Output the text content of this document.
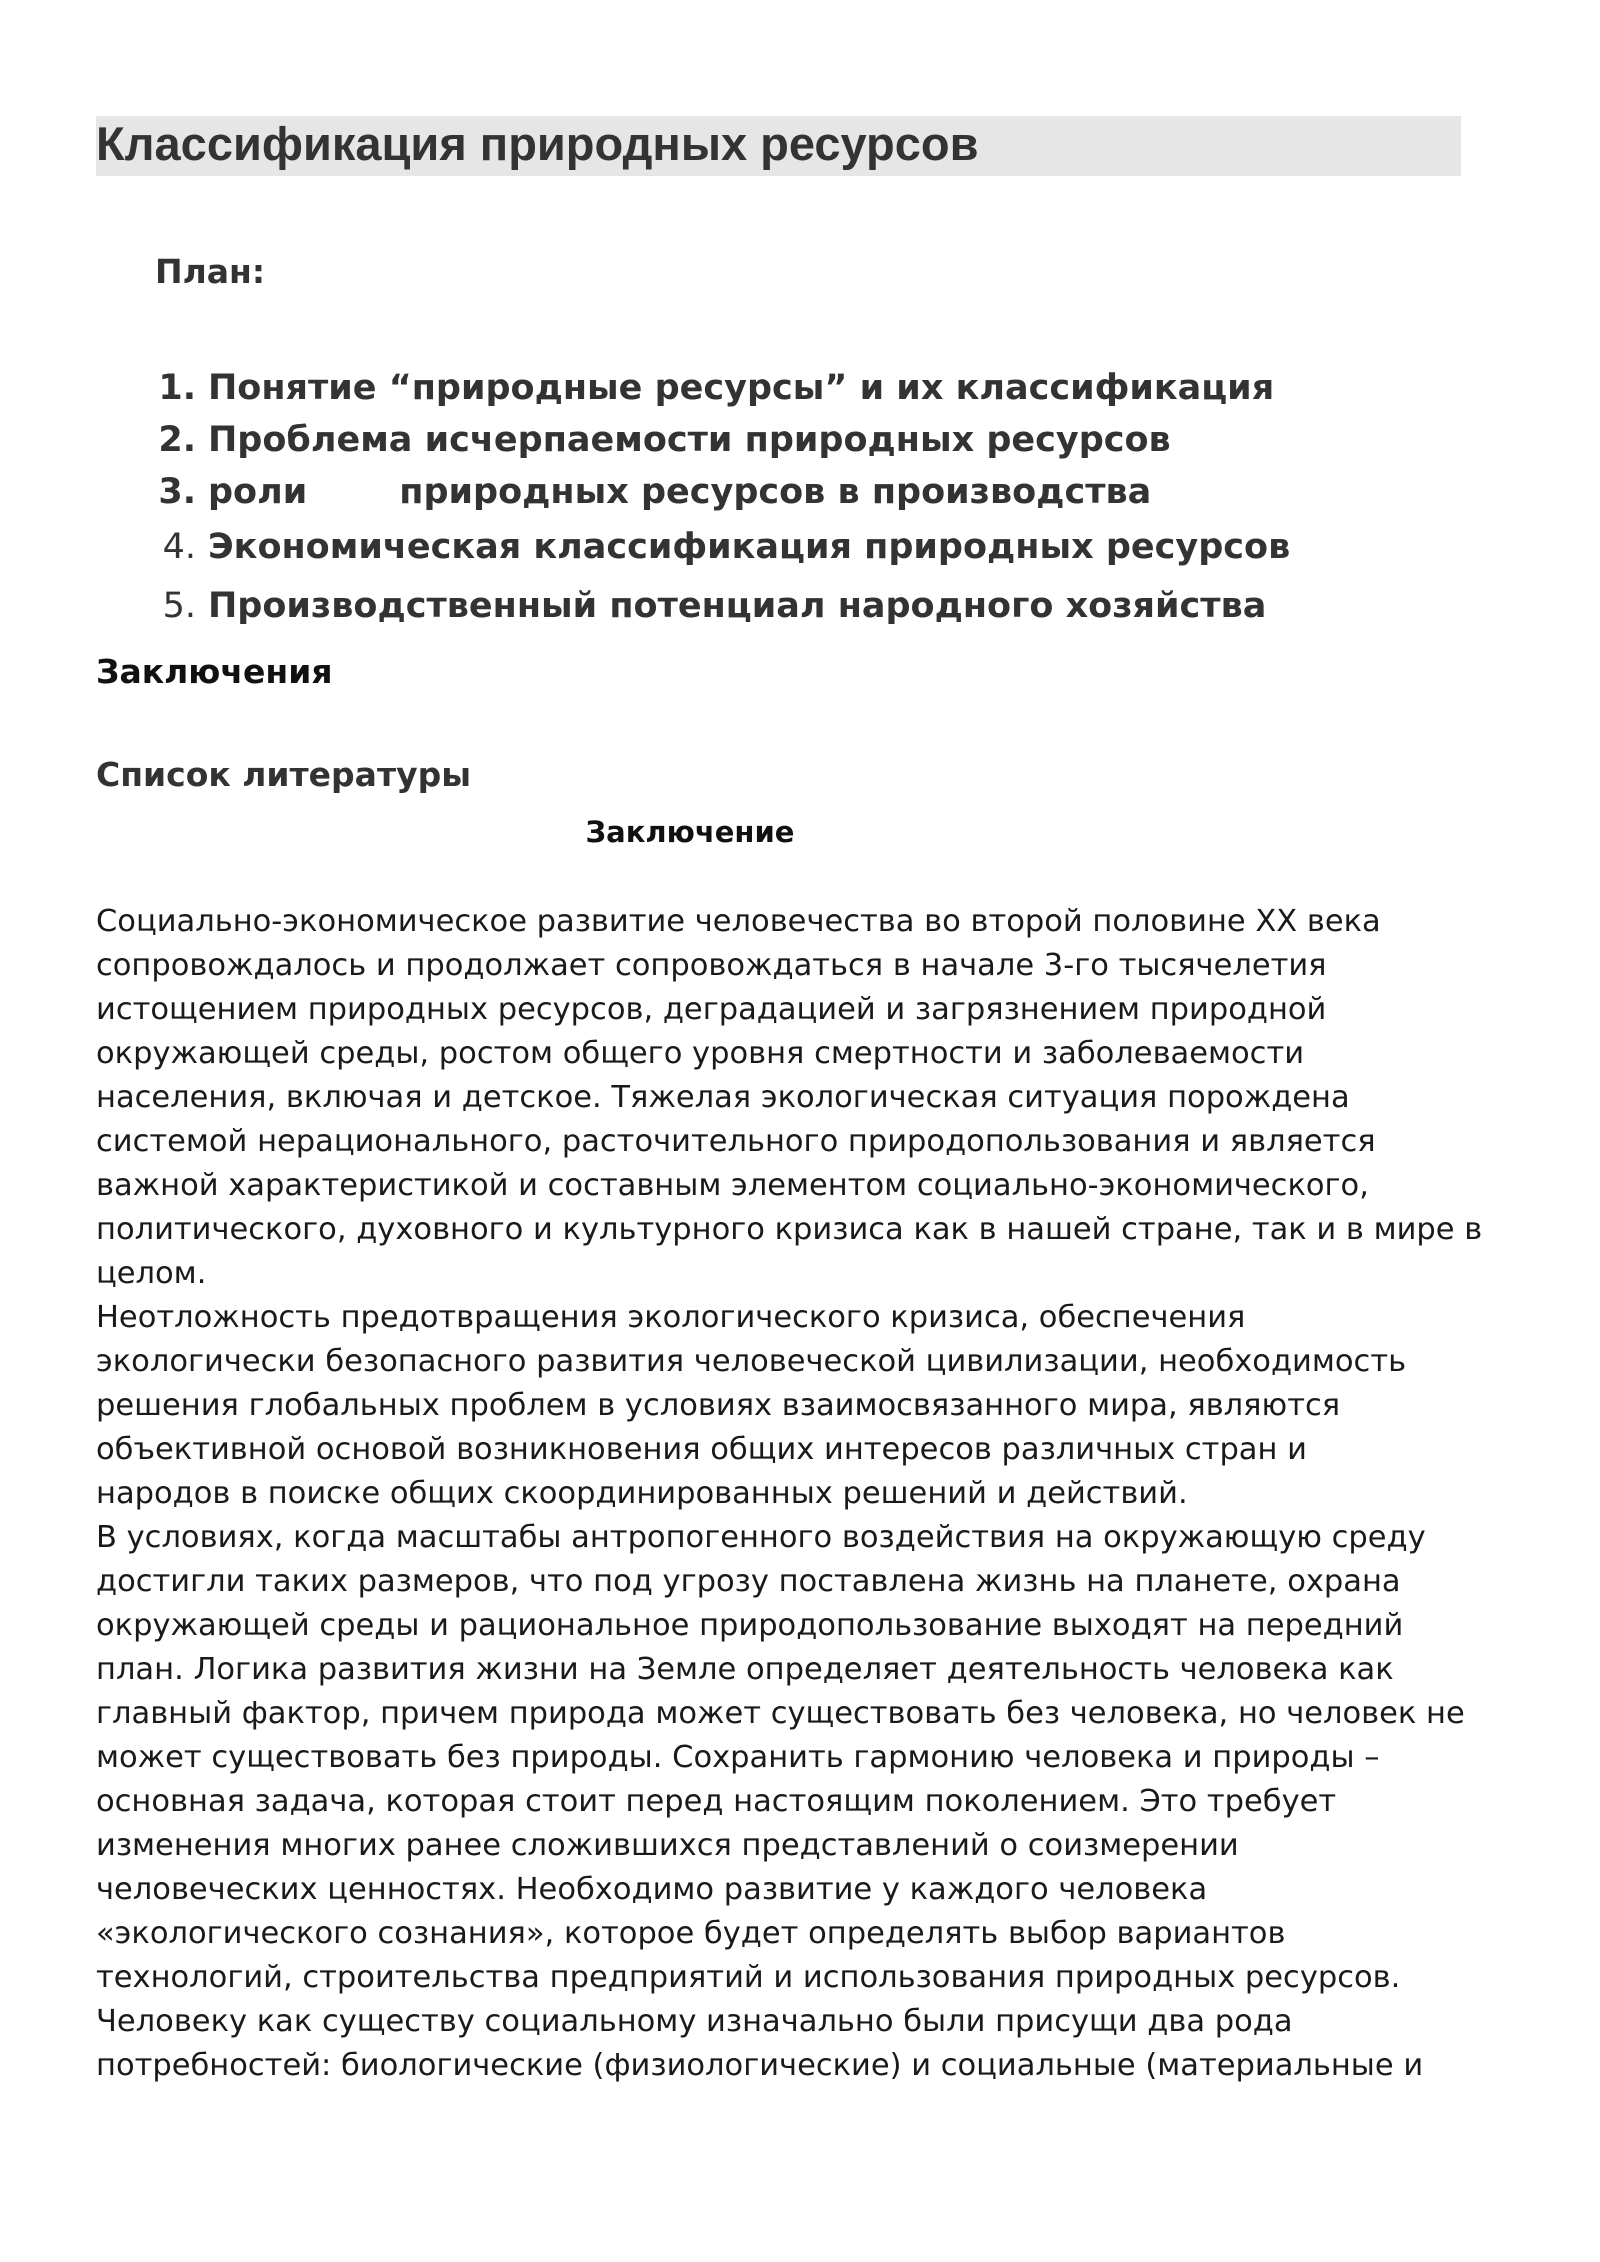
Классификация природных ресурсов
План:
1. Понятие “природные ресурсы” и их классификация
2. Проблема исчерпаемости природных ресурсов
3. роли	природных ресурсов в производства
4. Экономическая классификация природных ресурсов
5. Производственный потенциал народного хозяйства
Заключения
Список литературы
Заключение
Социально-экономическое развитие человечества во второй половине XX века
сопровождалось и продолжает сопровождаться в начале 3-го тысячелетия
истощением природных ресурсов, деградацией и загрязнением природной
окружающей среды, ростом общего уровня смертности и заболеваемости
населения, включая и детское. Тяжелая экологическая ситуация порождена
системой нерационального, расточительного природопользования и является
важной характеристикой и составным элементом социально-экономического,
политического, духовного и культурного кризиса как в нашей стране, так и в мире в
целом.
Неотложность предотвращения экологического кризиса, обеспечения
экологически безопасного развития человеческой цивилизации, необходимость
решения глобальных проблем в условиях взаимосвязанного мира, являются
объективной основой возникновения общих интересов различных стран и
народов в поиске общих скоординированных решений и действий.
В условиях, когда масштабы антропогенного воздействия на окружающую среду
достигли таких размеров, что под угрозу поставлена жизнь на планете, охрана
окружающей среды и рациональное природопользование выходят на передний
план. Логика развития жизни на Земле определяет деятельность человека как
главный фактор, причем природа может существовать без человека, но человек не
может существовать без природы. Сохранить гармонию человека и природы –
основная задача, которая стоит перед настоящим поколением. Это требует
изменения многих ранее сложившихся представлений о соизмерении
человеческих ценностях. Необходимо развитие у каждого человека
«экологического сознания», которое будет определять выбор вариантов
технологий, строительства предприятий и использования природных ресурсов.
Человеку как существу социальному изначально были присущи два рода
потребностей: биологические (физиологические) и социальные (материальные и
